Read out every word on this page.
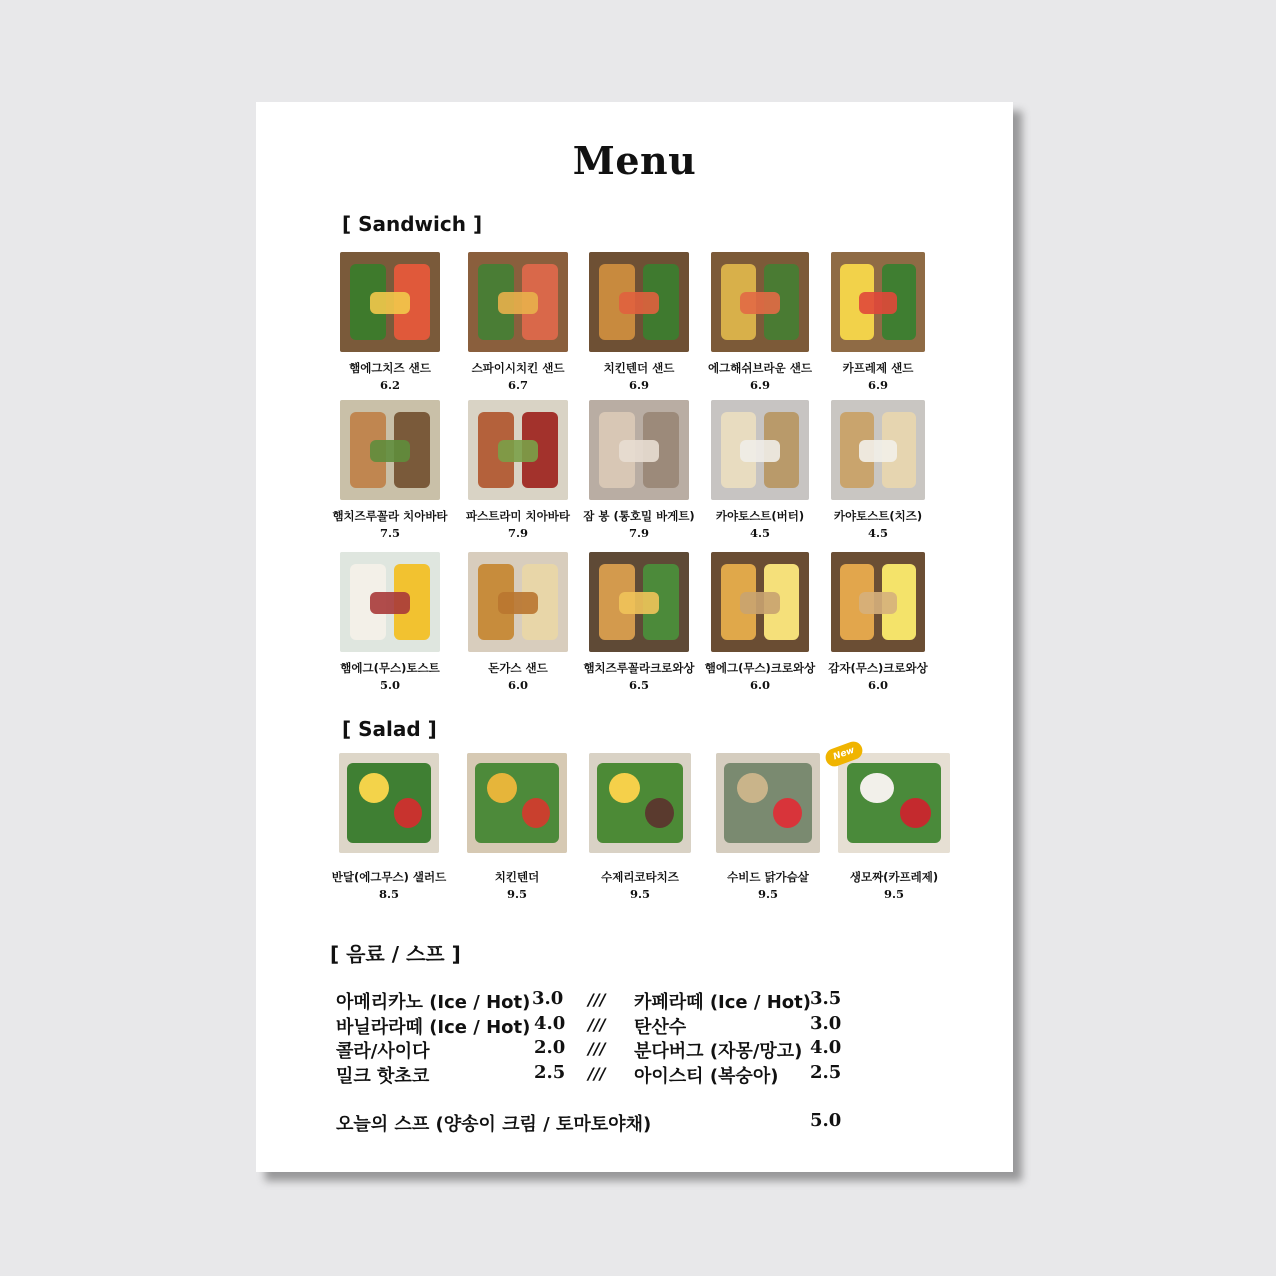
Menu
[ Sandwich ]
햄에그치즈 샌드
6.2
스파이시치킨 샌드
6.7
치킨텐더 샌드
6.9
에그해쉬브라운 샌드
6.9
카프레제 샌드
6.9
햄치즈루꼴라 치아바타
7.5
파스트라미 치아바타
7.9
잠 봉 (통호밀 바게트)
7.9
카야토스트(버터)
4.5
카야토스트(치즈)
4.5
햄에그(무스)토스트
5.0
돈가스 샌드
6.0
햄치즈루꼴라크로와상
6.5
햄에그(무스)크로와상
6.0
감자(무스)크로와상
6.0
[ Salad ]
반달(에그무스) 샐러드
8.5
치킨텐더
9.5
수제리코타치즈
9.5
수비드 닭가슴살
9.5
생모짜(카프레제)
9.5
New
[ 음료 / 스프 ]
아메리카노 (Ice / Hot) 3.0 /// 카페라떼 (Ice / Hot) 3.5
바닐라라떼 (Ice / Hot) 4.0 /// 탄산수	3.0
콜라/사이다	2.0 /// 분다버그 (자몽/망고) 4.0
밀크 핫초코	2.5 /// 아이스티 (복숭아) 2.5
오늘의 스프 (양송이 크림 / 토마토야채)	5.0
